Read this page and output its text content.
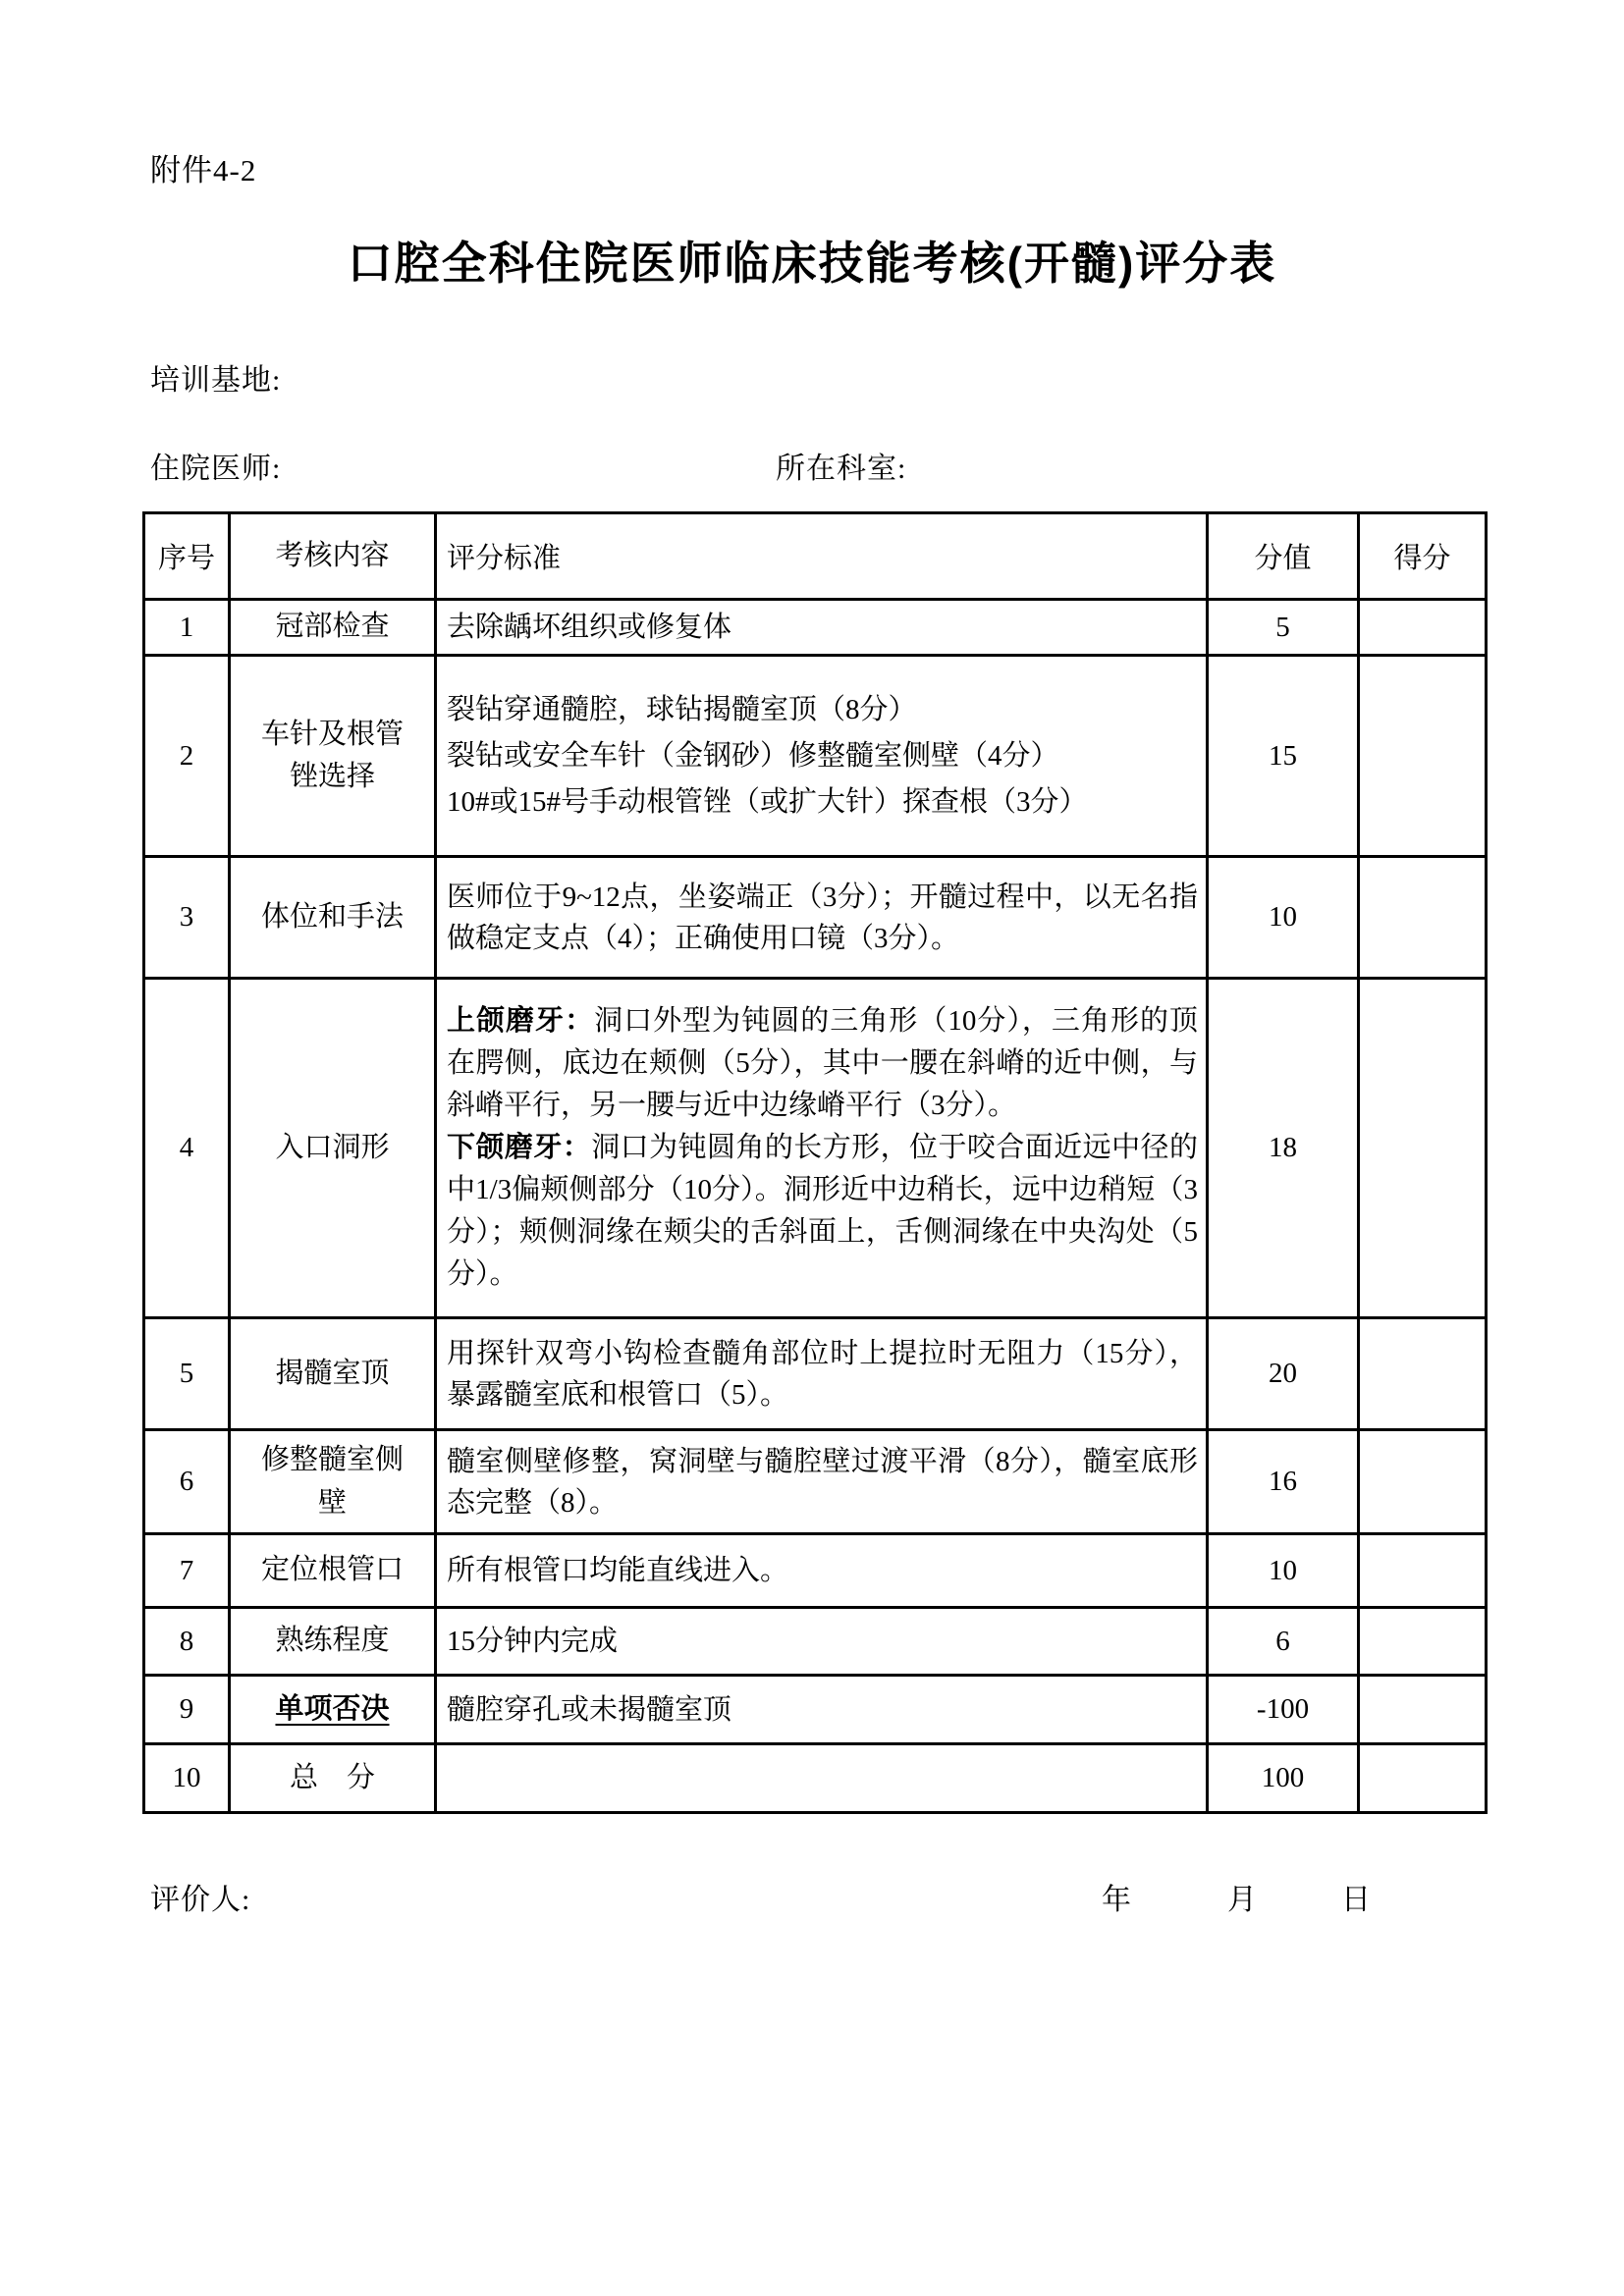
附件4-2
口腔全科住院医师临床技能考核(开髓)评分表
培训基地:
住院医师:	所在科室:
序号	考核内容	评分标准	分值	得分
1	冠部检查	去除龋坏组织或修复体	5	
2	车针及根管锉选择	裂钻穿通髓腔，球钻揭髓室顶（8分）
裂钻或安全车针（金钢砂）修整髓室侧壁（4分）
10#或15#号手动根管锉（或扩大针）探查根（3分）	15	
3	体位和手法	医师位于9~12点，坐姿端正（3分）；开髓过程中，以无名指做稳定支点（4）；正确使用口镜（3分）。	10	
4	入口洞形	上颌磨牙：洞口外型为钝圆的三角形（10分），三角形的顶在腭侧，底边在颊侧（5分），其中一腰在斜嵴的近中侧，与斜嵴平行，另一腰与近中边缘嵴平行（3分）。
下颌磨牙：洞口为钝圆角的长方形，位于咬合面近远中径的中1/3偏颊侧部分（10分）。洞形近中边稍长，远中边稍短（3分）；颊侧洞缘在颊尖的舌斜面上，舌侧洞缘在中央沟处（5分）。	18	
5	揭髓室顶	用探针双弯小钩检查髓角部位时上提拉时无阻力（15分），暴露髓室底和根管口（5）。	20	
6	修整髓室侧壁	髓室侧壁修整，窝洞壁与髓腔壁过渡平滑（8分），髓室底形态完整（8）。	16	
7	定位根管口	所有根管口均能直线进入。	10	
8	熟练程度	15分钟内完成	6	
9	单项否决	髓腔穿孔或未揭髓室顶	-100	
10	总　分		100	
评价人:	年	月	日
